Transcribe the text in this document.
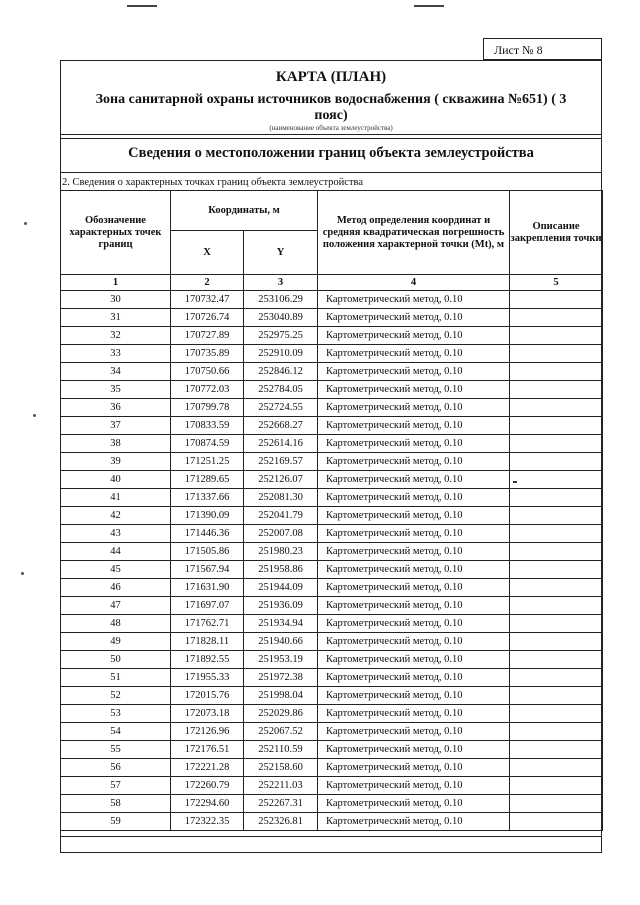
Лист № 8
КАРТА (ПЛАН)
Зона санитарной охраны источников водоснабжения ( скважина №651) ( 3 пояс)
(наименование объекта землеустройства)
Сведения о местоположении границ объекта землеустройства
2. Сведения о характерных точках границ объекта землеустройства
Обозначение характерных точек границ	Координаты, м		Метод определения координат и средняя квадратическая погрешность положения характерной точки (Mt), м	Описание закрепления точки
	X	Y		
1	2	3	4	5
30	170732.47	253106.29	Картометрический метод, 0.10	
31	170726.74	253040.89	Картометрический метод, 0.10	
32	170727.89	252975.25	Картометрический метод, 0.10	
33	170735.89	252910.09	Картометрический метод, 0.10	
34	170750.66	252846.12	Картометрический метод, 0.10	
35	170772.03	252784.05	Картометрический метод, 0.10	
36	170799.78	252724.55	Картометрический метод, 0.10	
37	170833.59	252668.27	Картометрический метод, 0.10	
38	170874.59	252614.16	Картометрический метод, 0.10	
39	171251.25	252169.57	Картометрический метод, 0.10	
40	171289.65	252126.07	Картометрический метод, 0.10	
41	171337.66	252081.30	Картометрический метод, 0.10	
42	171390.09	252041.79	Картометрический метод, 0.10	
43	171446.36	252007.08	Картометрический метод, 0.10	
44	171505.86	251980.23	Картометрический метод, 0.10	
45	171567.94	251958.86	Картометрический метод, 0.10	
46	171631.90	251944.09	Картометрический метод, 0.10	
47	171697.07	251936.09	Картометрический метод, 0.10	
48	171762.71	251934.94	Картометрический метод, 0.10	
49	171828.11	251940.66	Картометрический метод, 0.10	
50	171892.55	251953.19	Картометрический метод, 0.10	
51	171955.33	251972.38	Картометрический метод, 0.10	
52	172015.76	251998.04	Картометрический метод, 0.10	
53	172073.18	252029.86	Картометрический метод, 0.10	
54	172126.96	252067.52	Картометрический метод, 0.10	
55	172176.51	252110.59	Картометрический метод, 0.10	
56	172221.28	252158.60	Картометрический метод, 0.10	
57	172260.79	252211.03	Картометрический метод, 0.10	
58	172294.60	252267.31	Картометрический метод, 0.10	
59	172322.35	252326.81	Картометрический метод, 0.10	
